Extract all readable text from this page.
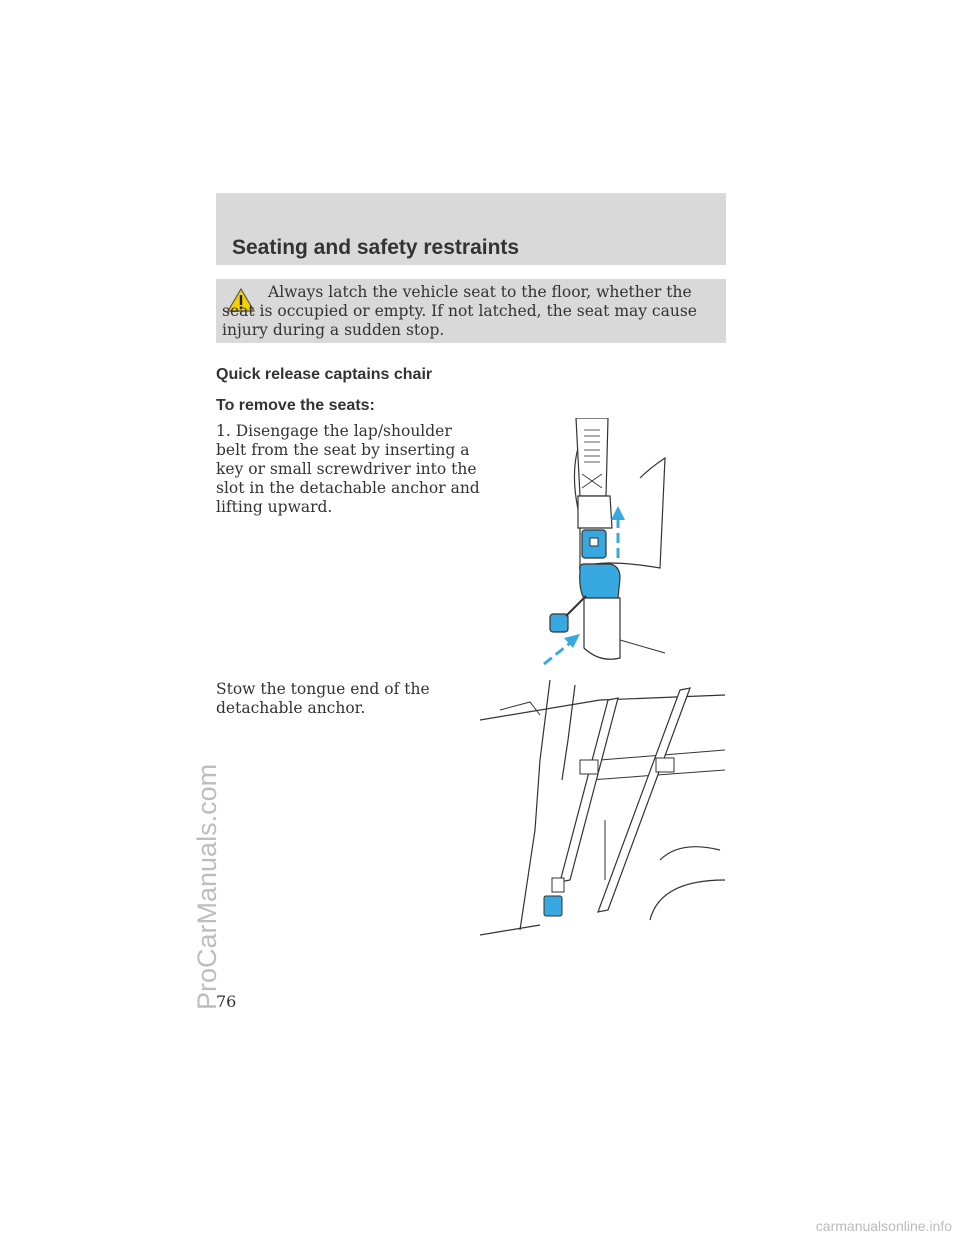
Seating and safety restraints
Always latch the vehicle seat to the floor, whether the seat is occupied or empty. If not latched, the seat may cause injury during a sudden stop.
Quick release captains chair
To remove the seats:
1. Disengage the lap/shoulder belt from the seat by inserting a key or small screwdriver into the slot in the detachable anchor and lifting upward.
Stow the tongue end of the detachable anchor.
76
ProCarManuals.com
carmanualsonline.info
